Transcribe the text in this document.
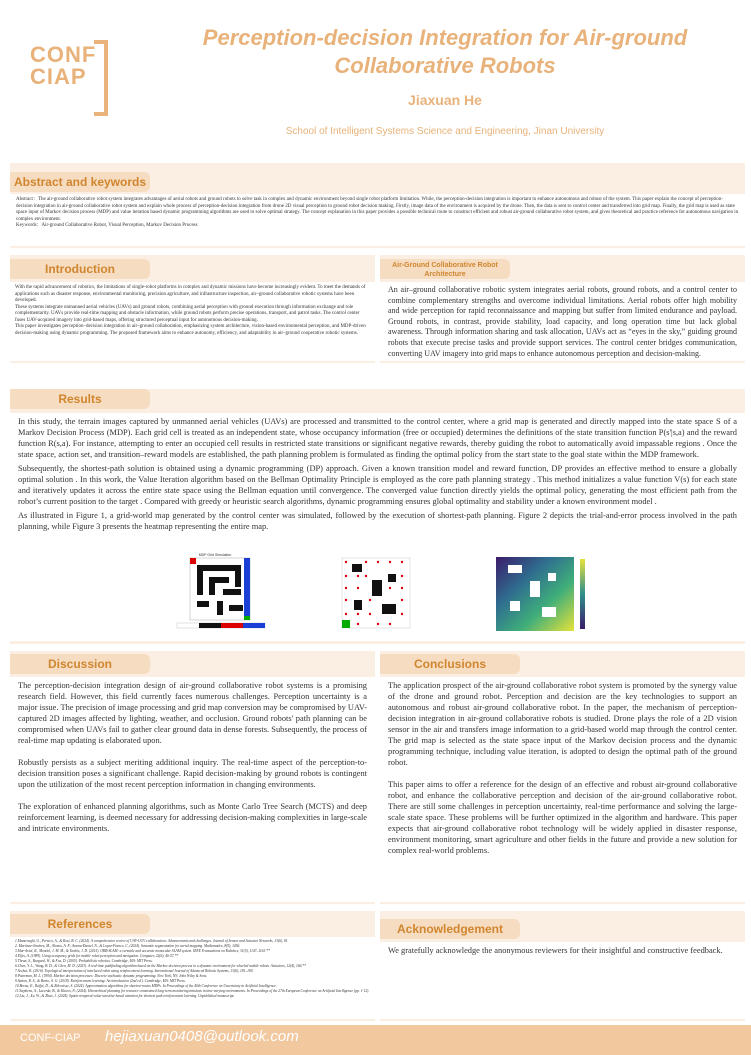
CONF
CIAP
Perception-decision Integration for Air-ground Collaborative Robots
Jiaxuan He
School of Intelligent Systems Science and Engineering, Jinan University
Abstract and keywords
Abstract：The air-ground collaborative robot system integrates advantages of aerial robots and ground robots to solve task in complex and dynamic environment beyond single robot platform limitation. While, the perception-decision integration is important to enhance autonomous and robust of the system. This paper explain the concept of perception-decision integration in air-ground collaborative robot system and explain whole process of perception-decision integration from drone 2D visual perception to ground robot decision making. Firstly, image data of the environment is acquired by the drone. Then, the data is sent to control center and transferred into grid map. Finally, the grid map is used as state space input of Markov decision process (MDP) and value iteration based dynamic programming algorithms are used to solve optimal strategy. The concept explanation in this paper provides a possible technical route to construct efficient and robust air-ground collaborative robot system, and gives theoretical and practice reference for autonomous navigation in complex environment.
Keywords：Air-ground Collaborative Robot, Visual Perception, Markov Decision Process
Introduction

With the rapid advancement of robotics, the limitations of single-robot platforms in complex and dynamic missions have become increasingly evident. To meet the demands of applications such as disaster response, environmental monitoring, precision agriculture, and infrastructure inspection, air–ground collaborative robotic systems have been developed.

These systems integrate unmanned aerial vehicles (UAVs) and ground robots, combining aerial perception with ground execution through information exchange and role complementarity. UAVs provide real-time mapping and obstacle information, while ground robots perform precise operations, transport, and patrol tasks. The control center fuses UAV-acquired imagery into grid-based maps, offering structured perceptual input for autonomous decision-making.

This paper investigates perception–decision integration in air–ground collaboration, emphasizing system architecture, vision-based environmental perception, and MDP-driven decision-making using dynamic programming. The proposed framework aims to enhance autonomy, efficiency, and adaptability in air–ground cooperative robotic systems.

Air-Ground Collaborative Robot Architecture
An air–ground collaborative robotic system integrates aerial robots, ground robots, and a control center to combine complementary strengths and overcome individual limitations. Aerial robots offer high mobility and wide perception for rapid reconnaissance and mapping but suffer from limited endurance and payload. Ground robots, in contrast, provide stability, load capacity, and long operation time but lack global awareness. Through information sharing and task allocation, UAVs act as “eyes in the sky,” guiding ground robots that execute precise tasks and provide support services. The control center bridges communication, converting UAV imagery into grid maps to enhance autonomous perception and decision-making.
Results

In this study, the terrain images captured by unmanned aerial vehicles (UAVs) are processed and transmitted to the control center, where a grid map is generated and directly mapped into the state space S of a Markov Decision Process (MDP). Each grid cell is treated as an independent state, whose occupancy information (free or occupied) determines the definitions of the state transition function P(s'|s,a) and the reward function R(s,a). For instance, attempting to enter an occupied cell results in restricted state transitions or significant negative rewards, thereby guiding the robot to automatically avoid impassable regions . Once the state space, action set, and transition–reward models are established, the path planning problem is formulated as finding the optimal policy from the start state to the goal state within the MDP framework.

Subsequently, the shortest-path solution is obtained using a dynamic programming (DP) approach. Given a known transition model and reward function, DP provides an effective method to ensure a globally optimal solution . In this work, the Value Iteration algorithm based on the Bellman Optimality Principle is employed as the core path planning strategy . This method initializes a value function V(s) for each state and iteratively updates it across the entire state space using the Bellman equation until convergence. The converged value function directly yields the optimal policy, generating the most efficient path from the robot’s current position to the target . Compared with greedy or heuristic search algorithms, dynamic programming ensures global optimality and stability under a known environment model .

As illustrated in Figure 1, a grid-world map generated by the control center was simulated, followed by the execution of shortest-path planning. Figure 2 depicts the trial-and-error process involved in the path planning, while Figure 3 presents the heatmap representing the entire map.

MDP Grid Simulation
Discussion

The perception-decision integration design of air-ground collaborative robot systems is a promising research field. However, this field currently faces numerous challenges. Perception uncertainty is a major issue. The precision of image processing and grid map conversion may be compromised by UAV-captured 2D images affected by lighting, weather, and occlusion. Ground robots' path planning can be compromised when UAVs fail to gather clear ground data in dense forests. Subsequently, the process of real-time map updating is elaborated upon.

Robustly persists as a subject meriting additional inquiry. The real-time aspect of the perception-to-decision transition poses a significant challenge. Rapid decision-making by ground robots is contingent upon the utilization of the most recent perception information in changing environments.

The exploration of enhanced planning algorithms, such as Monte Carlo Tree Search (MCTS) and deep reinforcement learning, is deemed necessary for addressing decision-making complexities in large-scale and intricate environments.

Conclusions

The application prospect of the air-ground collaborative robot system is promoted by the synergy value of the drone and ground robot. Perception and decision are the key technologies to support an autonomous and robust air-ground collaborative robot. In the paper, the mechanism of perception-decision integration in air-ground collaborative robots is studied. Drone plays the role of a 2D vision sensor in the air and transfers image information to a grid-based world map through the control center. The grid map is selected as the state space input of the Markov decision process and the dynamic programming technique, including value iteration, is adopted to design the optimal path of the ground robot.

This paper aims to offer a reference for the design of an effective and robust air-ground collaborative robot, and enhance the collaborative perception and decision of the air-ground collaborative robot. There are still some challenges in perception uncertainty, real-time performance and solving the large-scale state space. These problems will be further optimized in the algorithm and hardware. This paper expects that air-ground collaborative robot technology will be widely applied in disaster response, environment monitoring, smart agriculture and other fields in the future and provide a new solution for complex real-world problems.

References
1.Mazzeraghi, G., Persico, A., & Rosi, B. C. (2024). A comprehensive review of UAV-UGV collaboration: Advancements and challenges. Journal of Sensor and Actuator Networks, 13(6), 81.
2. Martinez-Jiménez, M., Alonso, A. F., Arama-Daniel, N., & Lopez-Franco, C. (2024). Semantic segmentation for aerial mapping. Mathematics, 8(9), 1456.
3.Mur-Artal, R., Montiel, J. M. M., & Tardós, J. D. (2015). ORB-SLAM: a versatile and accurate monocular SLAM system. IEEE Transactions on Robotics, 31(5), 1147–1163.**
4.Elfes, A. (1989). Using occupancy grids for mobile robot perception and navigation. Computer, 22(6), 46-57.**
5.Thrun, S., Burgard, W., & Fox, D. (2005). Probabilistic robotics. Cambridge, MA: MIT Press.
6.Chen, Y. L., Wang, B. D., & Chen, M. D. (2023). A real-time pathfinding algorithm based on the Markov decision process in a dynamic environment for wheeled mobile robots. Actuators, 12(4), 166.**
7.Sechai, K. (2016). Topological interpretation of interlaced robot using reinforcement learning. International Journal of Advanced Robotic Systems, 13(6), 181–190.
8.Puterman, M. L. (1994). Markov decision processes: Discrete stochastic dynamic programming. New York, NY: John Wiley & Sons.
9.Sutton, R. S., & Barto, A. G. (2018). Reinforcement learning: An introduction (2nd ed.). Cambridge, MA: MIT Press.
10.Bernu, E., Raffet, D., & Rilcruisse, S. (2024). Approximation algorithms for shortest-routes MDPs. In Proceedings of the 40th Conference on Uncertainty in Artificial Intelligence.
11.Stephens, A., Lacerda, B., & Hawes, N. (2024). Hierarchical planning for resource-constrained long-term monitoring missions in time-varying environments. In Proceedings of the 27th European Conference on Artificial Intelligence (pp. 1-12).
12.Liu, J., Xu, W., & Zhao, J. (2024). Spatio-temporal value-sensitive based attention for shortest path reinforcement learning. Unpublished manuscript.
Acknowledgement
We gratefully acknowledge the anonymous reviewers for their insightful and constructive feedback.
CONF-CIAP hejiaxuan0408@outlook.com
